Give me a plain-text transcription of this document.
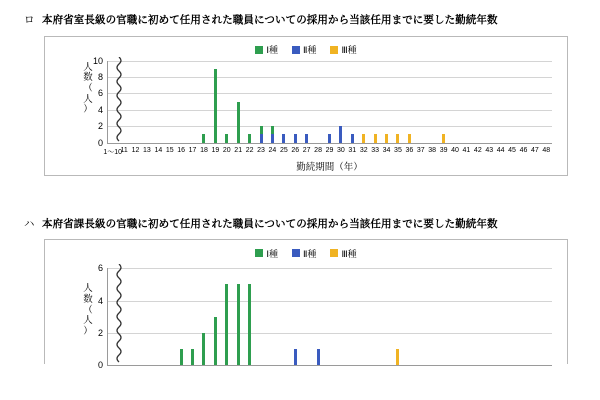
ロ 本府省室長級の官職に初めて任用された職員についての採用から当該任用までに要した勤続年数
Ⅰ種	Ⅱ種	Ⅲ種
人
数
（
人
）
0
2
4
6
8
10
1～10
11 12 13 14 15 16 17 18 19 20 21 22 23 24 25 26 27 28 29 30 31 32 33 34 35 36 37 38 39 40 41 42 43 44 45 46 47 48
勤続期間（年）
ハ 本府省課長級の官職に初めて任用された職員についての採用から当該任用までに要した勤続年数
Ⅰ種	Ⅱ種	Ⅲ種
人
数
（
人
）
0
2
4
6
